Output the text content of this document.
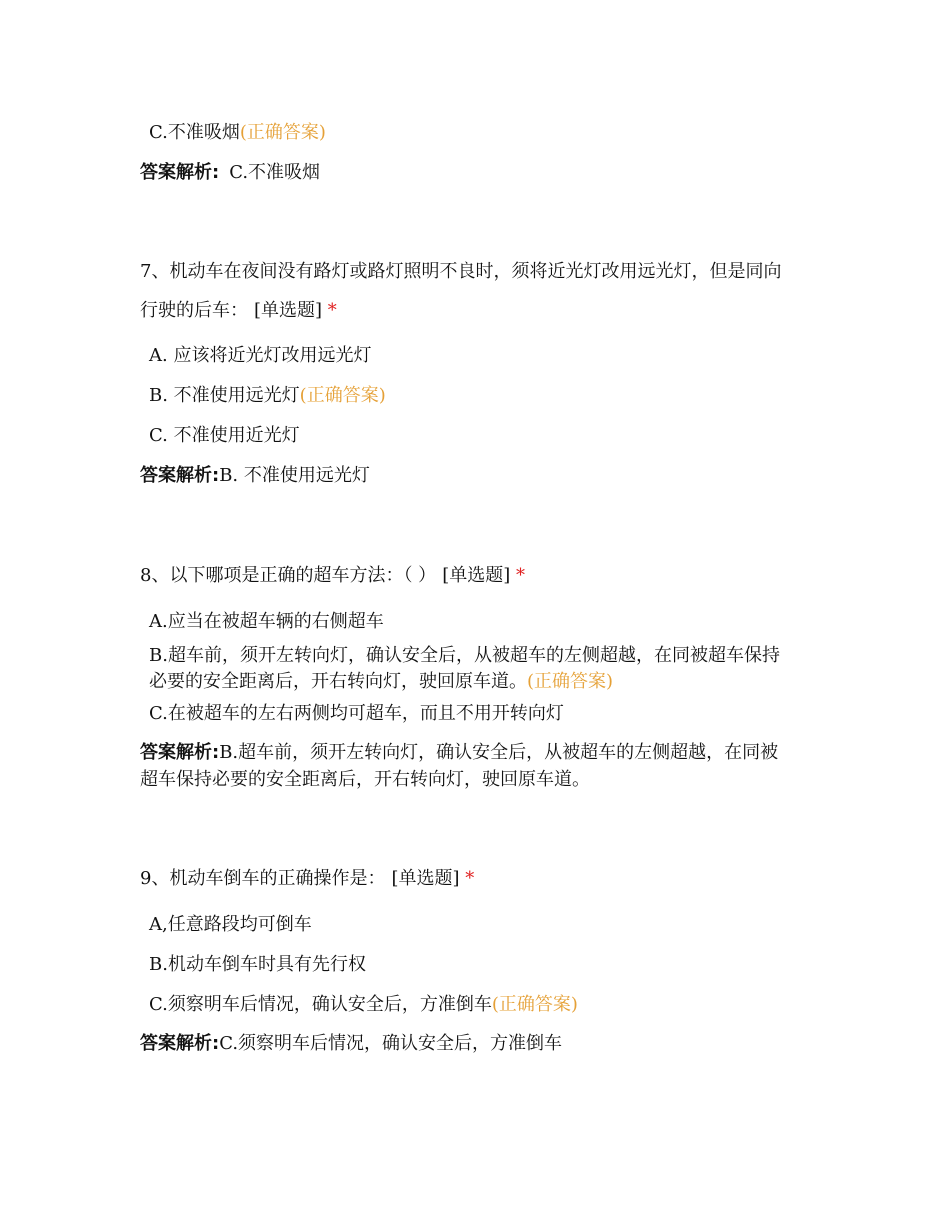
C.不准吸烟(正确答案)
答案解析: C.不准吸烟
7、机动车在夜间没有路灯或路灯照明不良时，须将近光灯改用远光灯，但是同向
行驶的后车： [单选题] *
A. 应该将近光灯改用远光灯
B. 不准使用远光灯(正确答案)
C. 不准使用近光灯
答案解析:B. 不准使用远光灯
8、以下哪项是正确的超车方法：（ ） [单选题] *
A.应当在被超车辆的右侧超车
B.超车前，须开左转向灯，确认安全后，从被超车的左侧超越，在同被超车保持
必要的安全距离后，开右转向灯，驶回原车道。(正确答案)
C.在被超车的左右两侧均可超车，而且不用开转向灯
答案解析:B.超车前，须开左转向灯，确认安全后，从被超车的左侧超越，在同被
超车保持必要的安全距离后，开右转向灯，驶回原车道。
9、机动车倒车的正确操作是： [单选题] *
A,任意路段均可倒车
B.机动车倒车时具有先行权
C.须察明车后情况，确认安全后，方准倒车(正确答案)
答案解析:C.须察明车后情况，确认安全后，方准倒车
